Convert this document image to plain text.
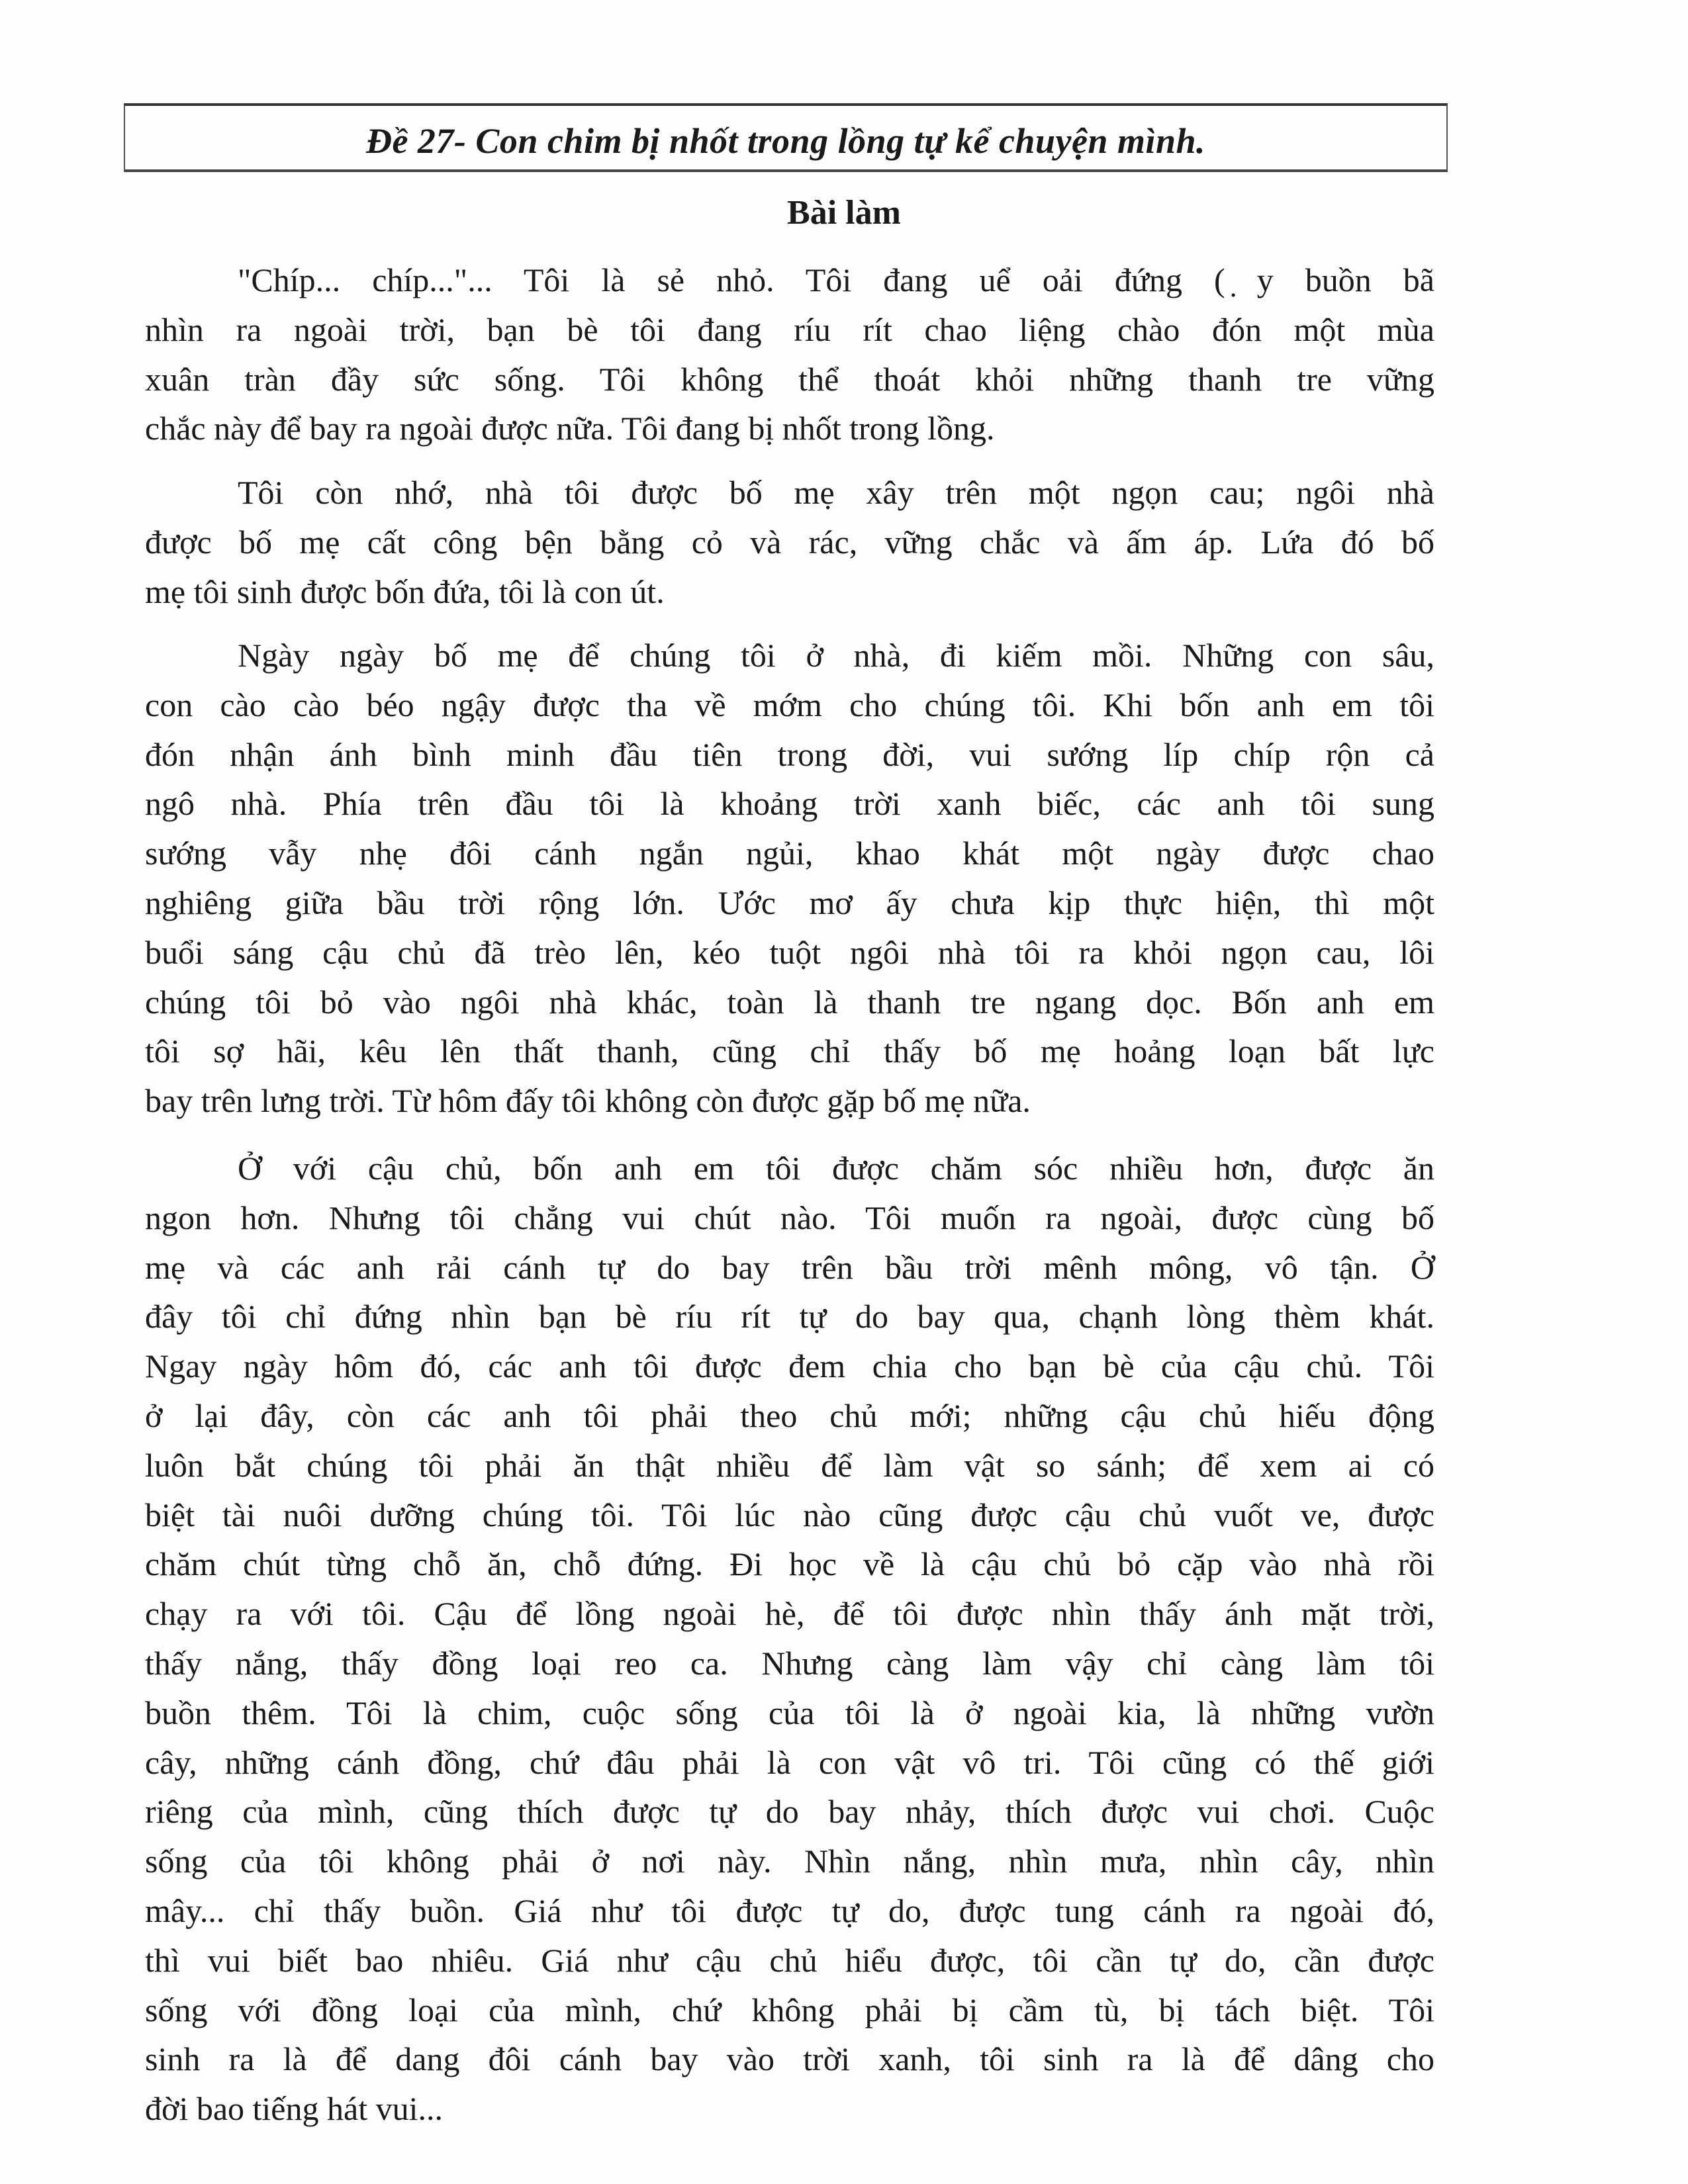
Đề 27- Con chim bị nhốt trong lồng tự kể chuyện mình.
Bài làm
"Chíp... chíp..."... Tôi là sẻ nhỏ. Tôi đang uể oải đứng ( ̣y buồn bã
nhìn ra ngoài trời, bạn bè tôi đang ríu rít chao liệng chào đón một mùa
xuân tràn đầy sức sống. Tôi không thể thoát khỏi những thanh tre vững
chắc này để bay ra ngoài được nữa. Tôi đang bị nhốt trong lồng.
Tôi còn nhớ, nhà tôi được bố mẹ xây trên một ngọn cau; ngôi nhà
được bố mẹ cất công bện bằng cỏ và rác, vững chắc và ấm áp. Lứa đó bố
mẹ tôi sinh được bốn đứa, tôi là con út.
Ngày ngày bố mẹ để chúng tôi ở nhà, đi kiếm mồi. Những con sâu,
con cào cào béo ngậy được tha về mớm cho chúng tôi. Khi bốn anh em tôi
đón nhận ánh bình minh đầu tiên trong đời, vui sướng líp chíp rộn cả
ngô nhà. Phía trên đầu tôi là khoảng trời xanh biếc, các anh tôi sung
sướng vẫy nhẹ đôi cánh ngắn ngủi, khao khát một ngày được chao
nghiêng giữa bầu trời rộng lớn. Ước mơ ấy chưa kịp thực hiện, thì một
buổi sáng cậu chủ đã trèo lên, kéo tuột ngôi nhà tôi ra khỏi ngọn cau, lôi
chúng tôi bỏ vào ngôi nhà khác, toàn là thanh tre ngang dọc. Bốn anh em
tôi sợ hãi, kêu lên thất thanh, cũng chỉ thấy bố mẹ hoảng loạn bất lực
bay trên lưng trời. Từ hôm đấy tôi không còn được gặp bố mẹ nữa.
Ở với cậu chủ, bốn anh em tôi được chăm sóc nhiều hơn, được ăn
ngon hơn. Nhưng tôi chẳng vui chút nào. Tôi muốn ra ngoài, được cùng bố
mẹ và các anh rải cánh tự do bay trên bầu trời mênh mông, vô tận. Ở
đây tôi chỉ đứng nhìn bạn bè ríu rít tự do bay qua, chạnh lòng thèm khát.
Ngay ngày hôm đó, các anh tôi được đem chia cho bạn bè của cậu chủ. Tôi
ở lại đây, còn các anh tôi phải theo chủ mới; những cậu chủ hiếu động
luôn bắt chúng tôi phải ăn thật nhiều để làm vật so sánh; để xem ai có
biệt tài nuôi dưỡng chúng tôi. Tôi lúc nào cũng được cậu chủ vuốt ve, được
chăm chút từng chỗ ăn, chỗ đứng. Đi học về là cậu chủ bỏ cặp vào nhà rồi
chạy ra với tôi. Cậu để lồng ngoài hè, để tôi được nhìn thấy ánh mặt trời,
thấy nắng, thấy đồng loại reo ca. Nhưng càng làm vậy chỉ càng làm tôi
buồn thêm. Tôi là chim, cuộc sống của tôi là ở ngoài kia, là những vườn
cây, những cánh đồng, chứ đâu phải là con vật vô tri. Tôi cũng có thế giới
riêng của mình, cũng thích được tự do bay nhảy, thích được vui chơi. Cuộc
sống của tôi không phải ở nơi này. Nhìn nắng, nhìn mưa, nhìn cây, nhìn
mây... chỉ thấy buồn. Giá như tôi được tự do, được tung cánh ra ngoài đó,
thì vui biết bao nhiêu. Giá như cậu chủ hiểu được, tôi cần tự do, cần được
sống với đồng loại của mình, chứ không phải bị cầm tù, bị tách biệt. Tôi
sinh ra là để dang đôi cánh bay vào trời xanh, tôi sinh ra là để dâng cho
đời bao tiếng hát vui...
